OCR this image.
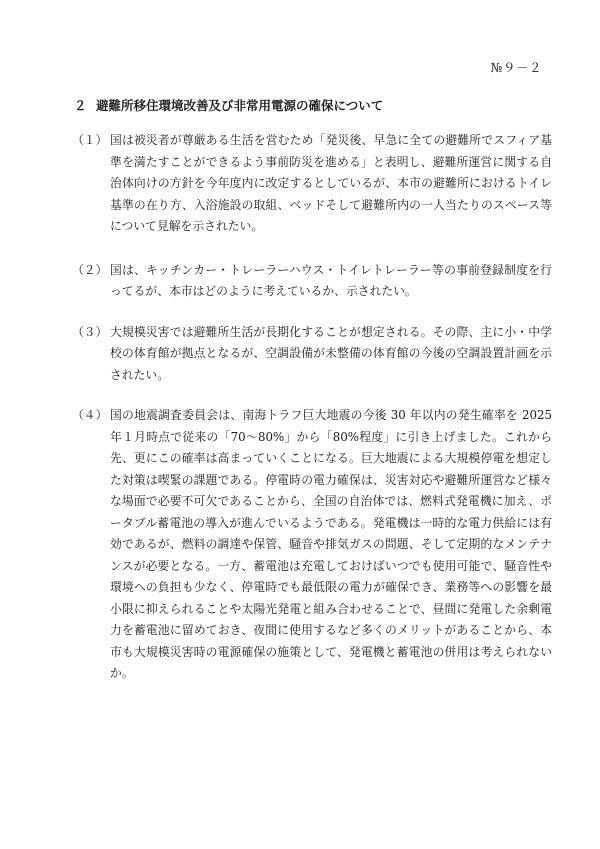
№９－２
２ 避難所移住環境改善及び非常用電源の確保について
（１） 国は被災者が尊厳ある生活を営むため「発災後、早急に全ての避難所でスフィア基準を満たすことができるよう事前防災を進める」と表明し、避難所運営に関する自治体向けの方針を今年度内に改定するとしているが、本市の避難所におけるトイレ基準の在り方、入浴施設の取組、ベッドそして避難所内の一人当たりのスペース等について見解を示されたい。
（２） 国は、キッチンカー・トレーラーハウス・トイレトレーラー等の事前登録制度を行ってるが、本市はどのように考えているか、示されたい。
（３） 大規模災害では避難所生活が長期化することが想定される。その際、主に小・中学校の体育館が拠点となるが、空調設備が未整備の体育館の今後の空調設置計画を示されたい。
（４） 国の地震調査委員会は、南海トラフ巨大地震の今後 30 年以内の発生確率を 2025 年１月時点で従来の「70～80%」から「80%程度」に引き上げました。これから先、更にこの確率は高まっていくことになる。巨大地震による大規模停電を想定した対策は喫緊の課題である。停電時の電力確保は、災害対応や避難所運営など様々な場面で必要不可欠であることから、全国の自治体では、燃料式発電機に加え、ポータブル蓄電池の導入が進んでいるようである。発電機は一時的な電力供給には有効であるが、燃料の調達や保管、騒音や排気ガスの問題、そして定期的なメンテナンスが必要となる。一方、蓄電池は充電しておけばいつでも使用可能で、騒音性や環境への負担も少なく、停電時でも最低限の電力が確保でき、業務等への影響を最小限に抑えられることや太陽光発電と組み合わせることで、昼間に発電した余剰電力を蓄電池に留めておき、夜間に使用するなど多くのメリットがあることから、本市も大規模災害時の電源確保の施策として、発電機と蓄電池の併用は考えられないか。
